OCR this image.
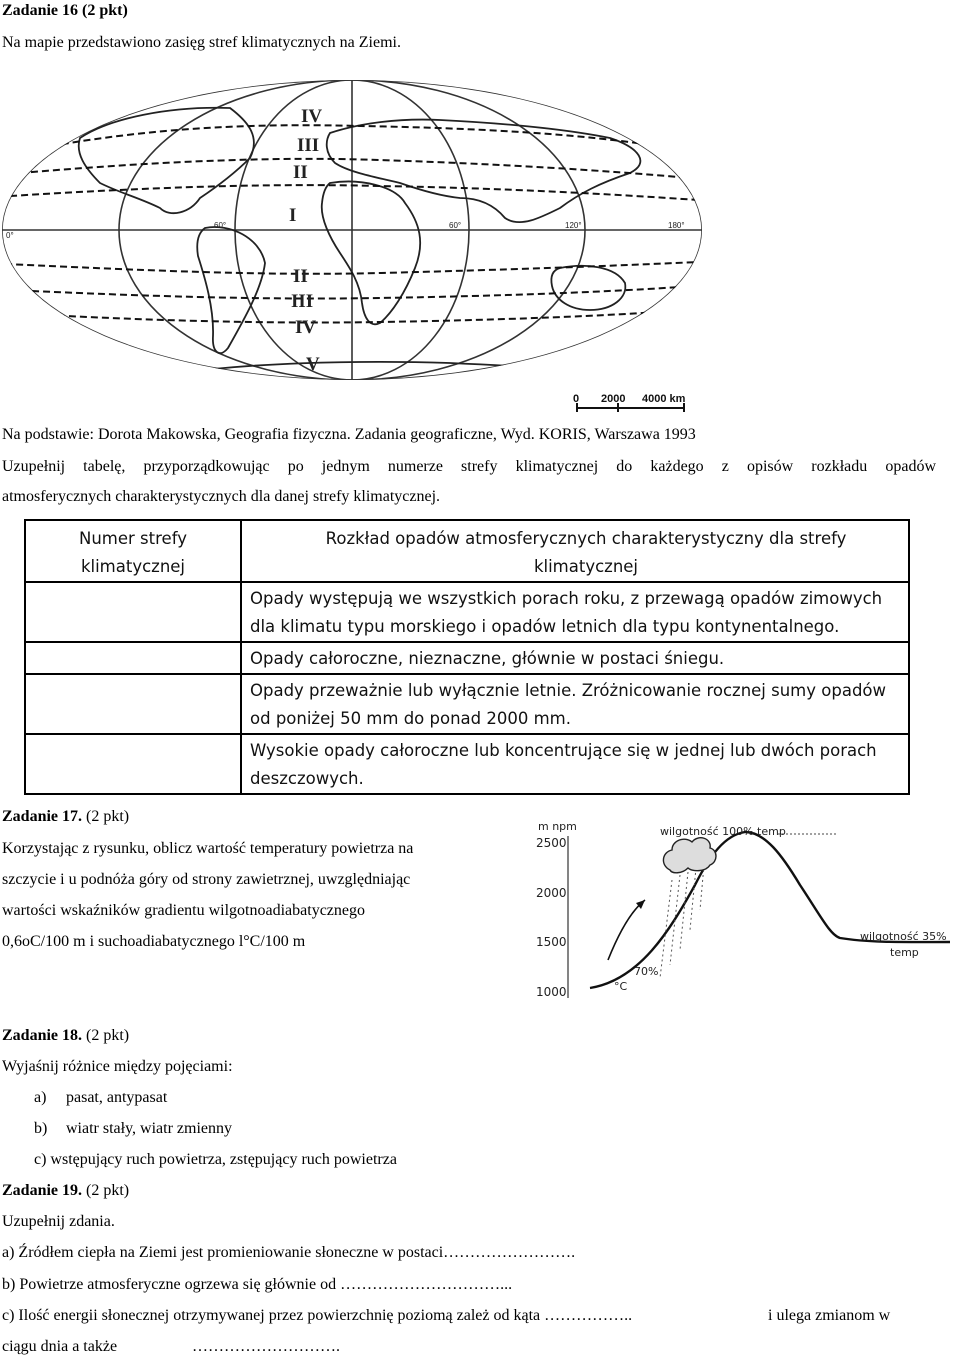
Zadanie 16 (2 pkt)
Na mapie przedstawiono zasięg stref klimatycznych na Ziemi.
IV
III
II
I
II
III
IV
V
0°
60°	60°	120°	180°
0 2000 4000 km
Na podstawie: Dorota Makowska, Geografia fizyczna. Zadania geograficzne, Wyd. KORIS, Warszawa 1993
Uzupełnij tabelę, przyporządkowując po jednym numerze strefy klimatycznej do każdego z opisów rozkładu opadów
atmosferycznych charakterystycznych dla danej strefy klimatycznej.
Numer strefy klimatycznej	Rozkład opadów atmosferycznych charakterystyczny dla strefy klimatycznej

	Opady występują we wszystkich porach roku, z przewagą opadów zimowych dla klimatu typu morskiego i opadów letnich dla typu kontynentalnego.

	Opady całoroczne, nieznaczne, głównie w postaci śniegu.

	Opady przeważnie lub wyłącznie letnie. Zróżnicowanie rocznej sumy opadów od poniżej 50 mm do ponad 2000 mm.

	Wysokie opady całoroczne lub koncentrujące się w jednej lub dwóch porach deszczowych.
Zadanie 17. (2 pkt)
Korzystając z rysunku, oblicz wartość temperatury powietrza na
szczycie i u podnóża góry od strony zawietrznej, uwzględniając
wartości wskaźników gradientu wilgotnoadiabatycznego
0,6oC/100 m i suchoadiabatycznego l°C/100 m
m npm
2500
2000
1500
1000
wilgotność 100% temp
wilgotność 35%
temp
70%
°C
Zadanie 18. (2 pkt)
Wyjaśnij różnice między pojęciami:
a) pasat, antypasat
b) wiatr stały, wiatr zmienny
c) wstępujący ruch powietrza, zstępujący ruch powietrza
Zadanie 19. (2 pkt)
Uzupełnij zdania.
a) Źródłem ciepła na Ziemi jest promieniowanie słoneczne w postaci…………………….
b) Powietrze atmosferyczne ogrzewa się głównie od …………………………...
c) Ilość energii słonecznej otrzymywanej przez powierzchnię poziomą zależ od kąta ……………..	i ulega zmianom w
ciągu dnia a także	……………………….
